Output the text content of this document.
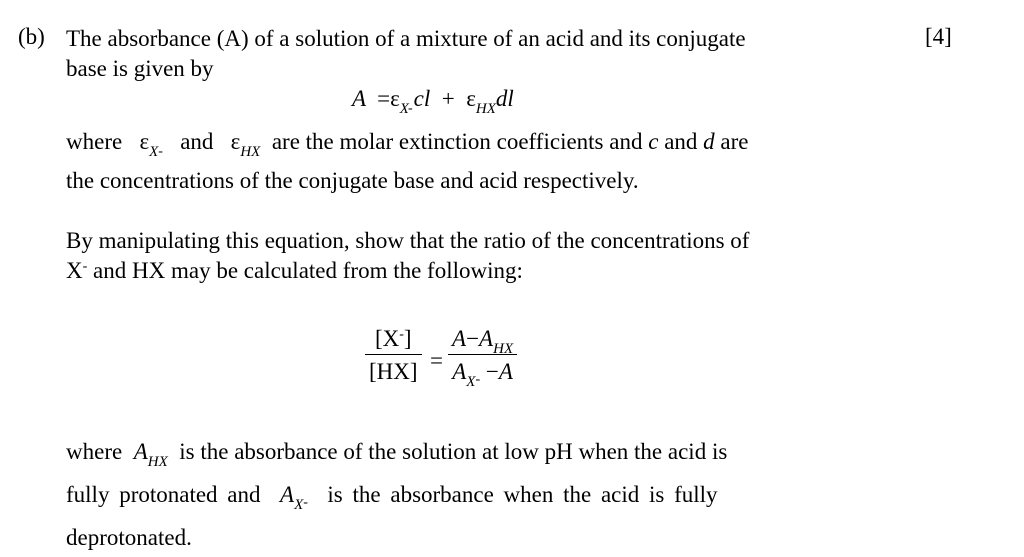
(b)	[4]
The absorbance (A) of a solution of a mixture of an acid and its conjugate
base is given by
$A =\varepsilon_{X-}cl + \varepsilon_{HX}dl$
where $\varepsilon_{X-}$ and $\varepsilon_{HX}$ are the molar extinction coefficients and c and d are
the concentrations of the conjugate base and acid respectively.
By manipulating this equation, show that the ratio of the concentrations of
X- and HX may be calculated from the following:
$\frac{[X^-]}{[HX]}$ =
$A-A_{HX}$
$A_X- -A$
where $A_{HX}$ is the absorbance of the solution at low pH when the acid is
fully protonated and $A_X-$ is the absorbance when the acid is fully
deprotonated.
